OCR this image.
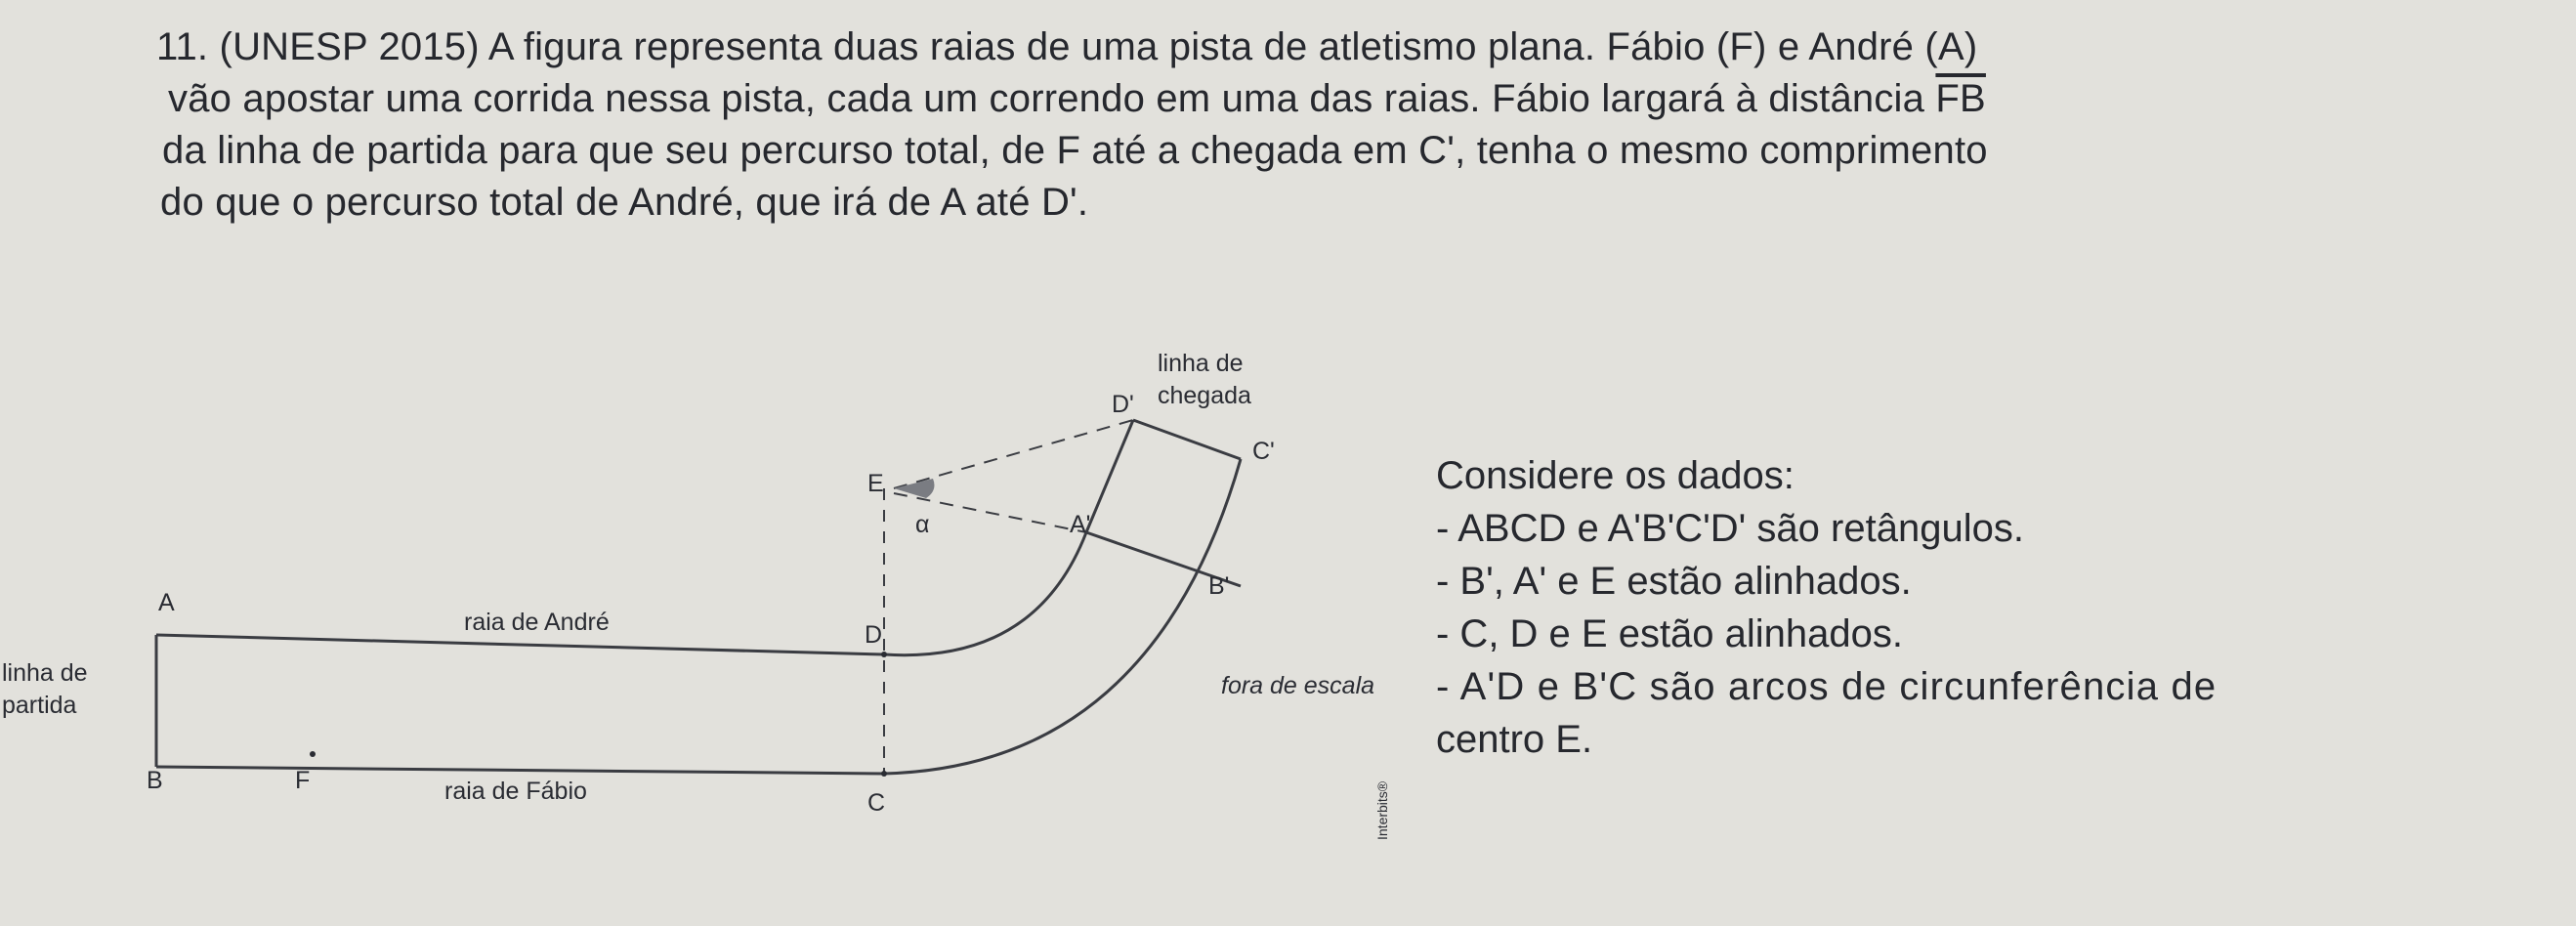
11. (UNESP 2015) A figura representa duas raias de uma pista de atletismo plana. Fábio (F) e André (A)
vão apostar uma corrida nessa pista, cada um correndo em uma das raias. Fábio largará à distância $\overline{FB}$
da linha de partida para que seu percurso total, de F até a chegada em C', tenha o mesmo comprimento
do que o percurso total de André, que irá de A até D'.
linha de
chegada
D'
C'
E
α	A'
B'
D
A
raia de André
linha de
partida
B	F	raia de Fábio	C
fora de escala
Interbits®
Considere os dados:
- ABCD e A'B'C'D' são retângulos.
- B', A' e E estão alinhados.
- C, D e E estão alinhados.
- A'D e B'C são arcos de circunferência de
centro E.
